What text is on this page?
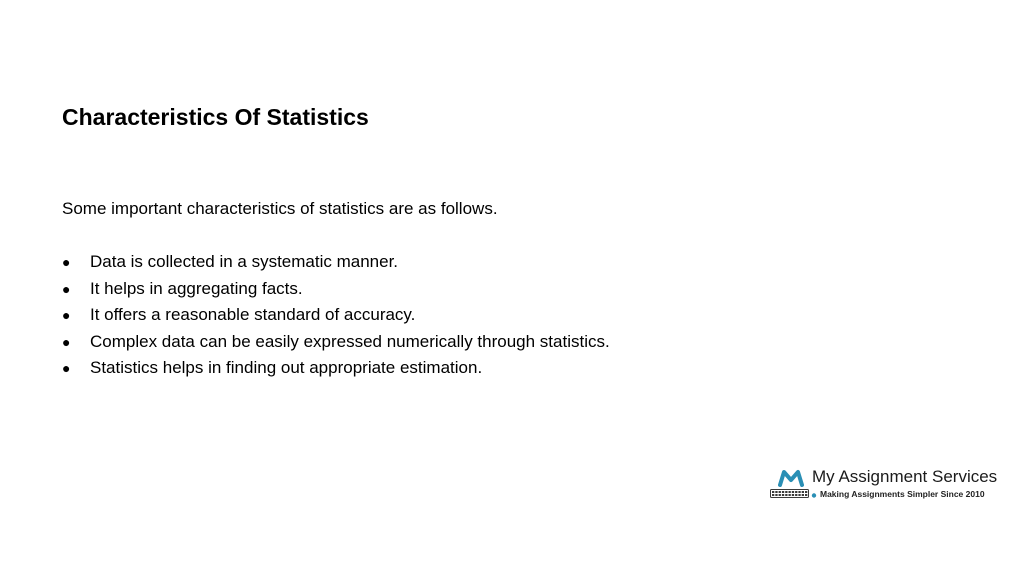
Characteristics Of Statistics

Some important characteristics of statistics are as follows.

●	Data is collected in a systematic manner.
●	It helps in aggregating facts.
●	It offers a reasonable standard of accuracy.
●	Complex data can be easily expressed numerically through statistics.
●	Statistics helps in finding out appropriate estimation.
My Assignment Services
Making Assignments Simpler Since 2010
